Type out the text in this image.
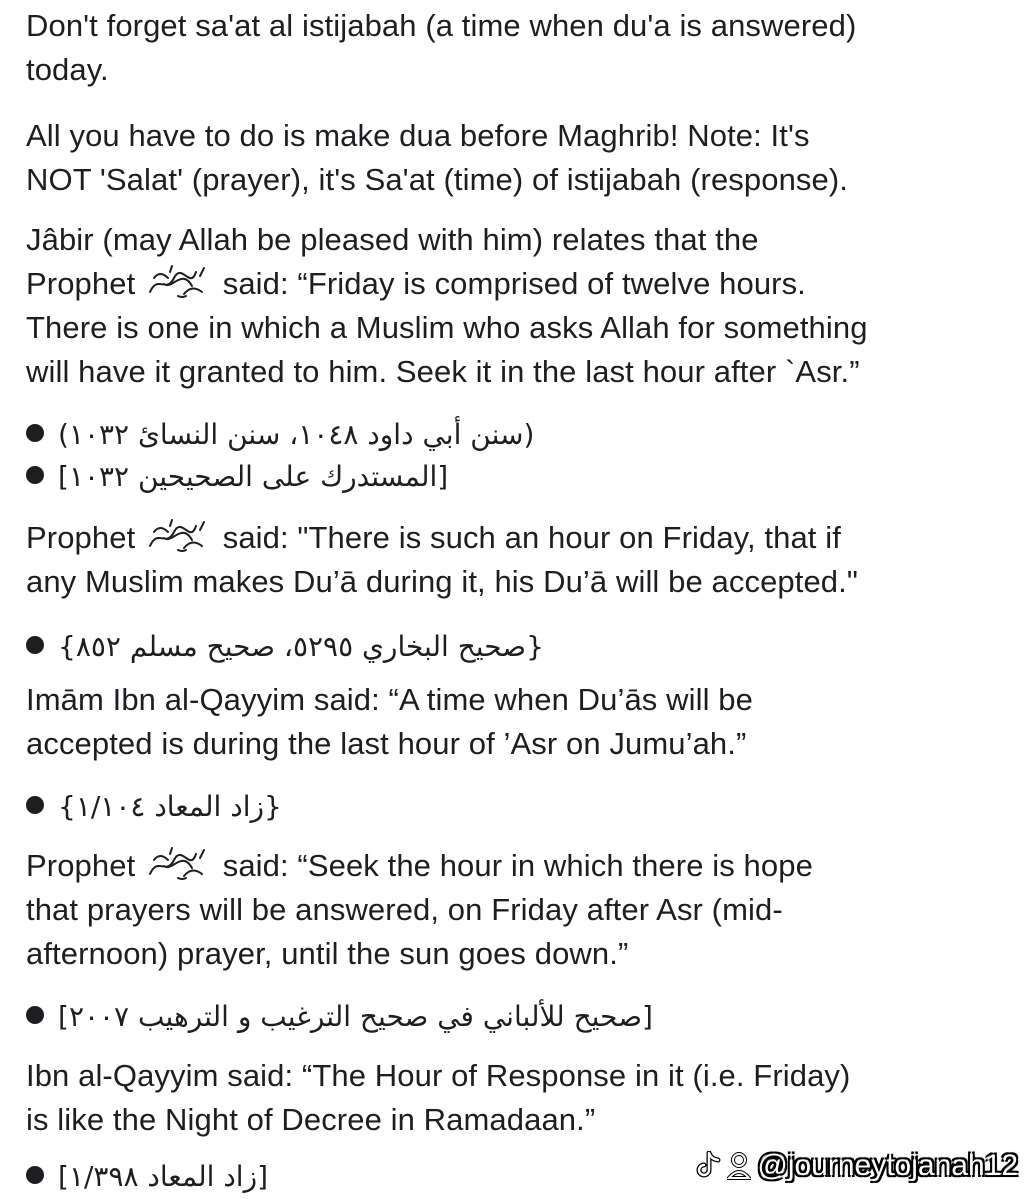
Don't forget sa'at al istijabah (a time when du'a is answered)
today.

All you have to do is make dua before Maghrib! Note: It's
NOT 'Salat' (prayer), it's Sa'at (time) of istijabah (response).

Jâbir (may Allah be pleased with him) relates that the
Prophet	said: “Friday is comprised of twelve hours.
There is one in which a Muslim who asks Allah for something
will have it granted to him. Seek it in the last hour after `Asr.”

(سنن أبي داود ١٠٤٨، سنن النسائ ١٠٣٢)
[المستدرك على الصحيحين ١٠٣٢]

Prophet	said: "There is such an hour on Friday, that if
any Muslim makes Du’ā during it, his Du’ā will be accepted."

{صحيح البخاري ٥٢٩٥، صحيح مسلم ٨٥٢}

Imām Ibn al-Qayyim said: “A time when Du’ās will be
accepted is during the last hour of ’Asr on Jumu’ah.”

{زاد المعاد ١/١٠٤}

Prophet	said: “Seek the hour in which there is hope
that prayers will be answered, on Friday after Asr (mid-
afternoon) prayer, until the sun goes down.”

[صحيح للألباني في صحيح الترغيب و الترهيب ٢٠٠٧]

Ibn al-Qayyim said: “The Hour of Response in it (i.e. Friday)
is like the Night of Decree in Ramadaan.”

[زاد المعاد ١/٣٩٨]	@journeytojanah12
